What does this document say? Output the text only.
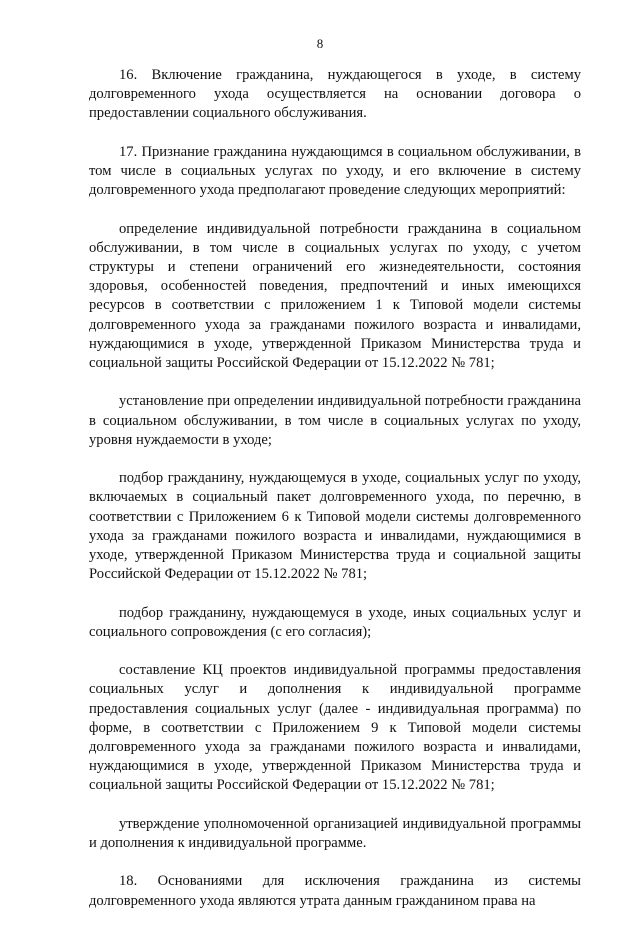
8

16. Включение гражданина, нуждающегося в уходе, в систему долговременного ухода осуществляется на основании договора о предоставлении социального обслуживания.

17. Признание гражданина нуждающимся в социальном обслуживании, в том числе в социальных услугах по уходу, и его включение в систему долговременного ухода предполагают проведение следующих мероприятий:

определение индивидуальной потребности гражданина в социальном обслуживании, в том числе в социальных услугах по уходу, с учетом структуры и степени ограничений его жизнедеятельности, состояния здоровья, особенностей поведения, предпочтений и иных имеющихся ресурсов в соответствии с приложением 1 к Типовой модели системы долговременного ухода за гражданами пожилого возраста и инвалидами, нуждающимися в уходе, утвержденной Приказом Министерства труда и социальной защиты Российской Федерации от 15.12.2022 № 781;

установление при определении индивидуальной потребности гражданина в социальном обслуживании, в том числе в социальных услугах по уходу, уровня нуждаемости в уходе;

подбор гражданину, нуждающемуся в уходе, социальных услуг по уходу, включаемых в социальный пакет долговременного ухода, по перечню, в соответствии с Приложением 6 к Типовой модели системы долговременного ухода за гражданами пожилого возраста и инвалидами, нуждающимися в уходе, утвержденной Приказом Министерства труда и социальной защиты Российской Федерации от 15.12.2022 № 781;

подбор гражданину, нуждающемуся в уходе, иных социальных услуг и социального сопровождения (с его согласия);

составление КЦ проектов индивидуальной программы предоставления социальных услуг и дополнения к индивидуальной программе предоставления социальных услуг (далее - индивидуальная программа) по форме, в соответствии с Приложением 9 к Типовой модели системы долговременного ухода за гражданами пожилого возраста и инвалидами, нуждающимися в уходе, утвержденной Приказом Министерства труда и социальной защиты Российской Федерации от 15.12.2022 № 781;

утверждение уполномоченной организацией индивидуальной программы и дополнения к индивидуальной программе.

18. Основаниями для исключения гражданина из системы долговременного ухода являются утрата данным гражданином права на
